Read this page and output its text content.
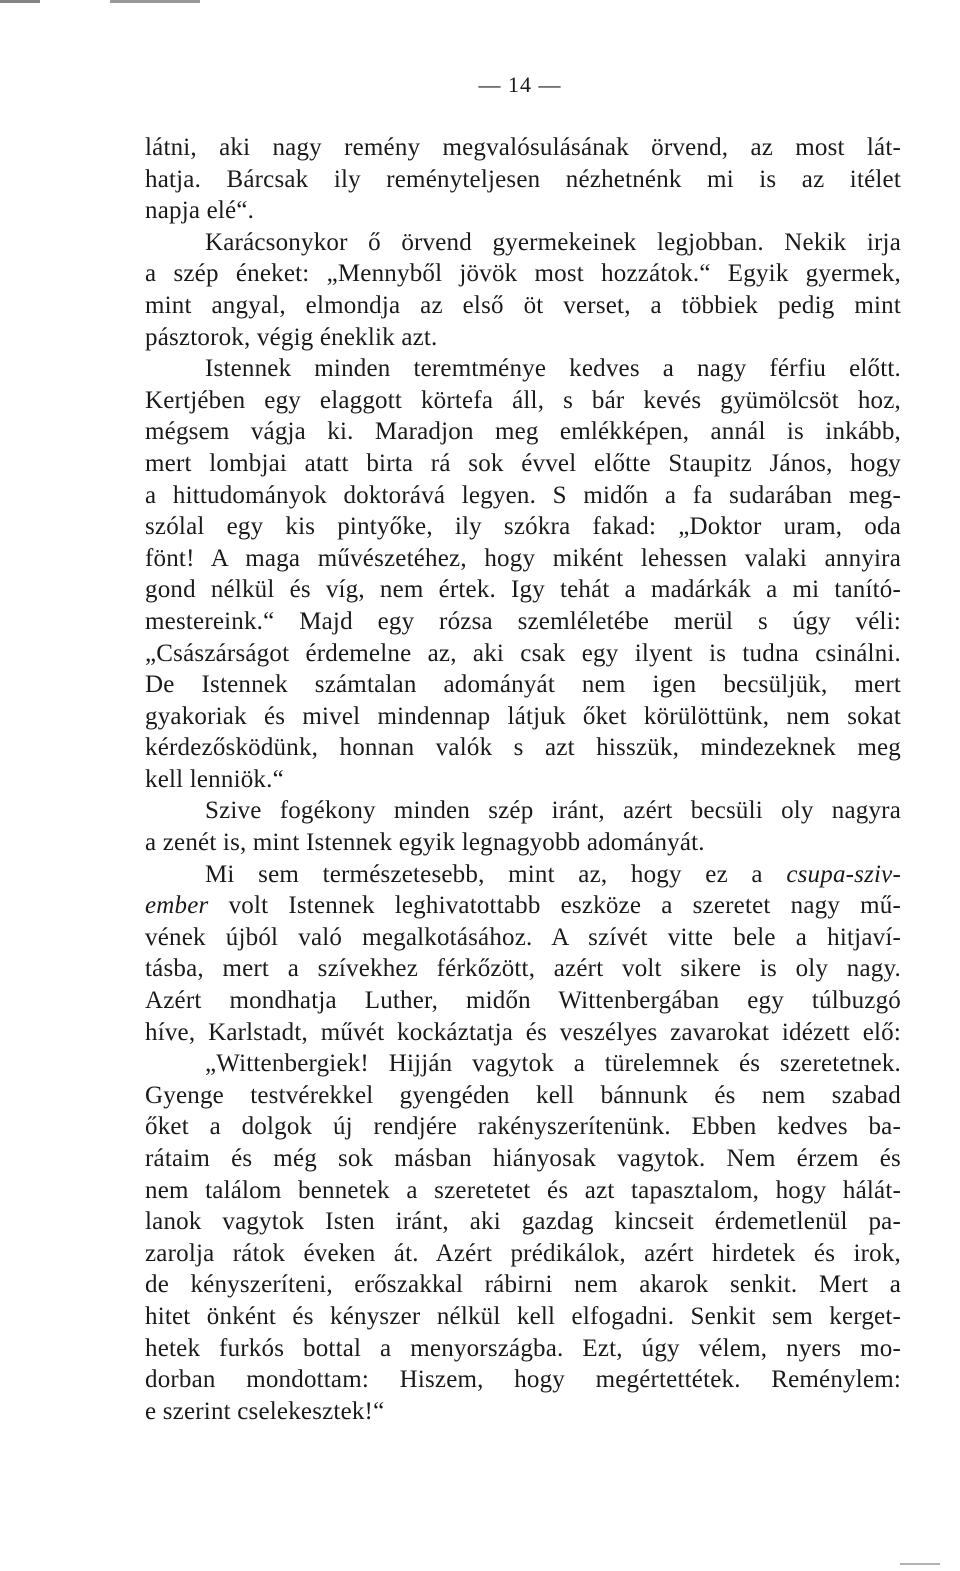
— 14 —
látni, aki nagy remény megvalósulásának örvend, az most lát-
hatja. Bárcsak ily reményteljesen nézhetnénk mi is az itélet
napja elé“.
Karácsonykor ő örvend gyermekeinek legjobban. Nekik irja
a szép éneket: „Mennyből jövök most hozzátok.“ Egyik gyermek,
mint angyal, elmondja az első öt verset, a többiek pedig mint
pásztorok, végig éneklik azt.
Istennek minden teremtménye kedves a nagy férfiu előtt.
Kertjében egy elaggott körtefa áll, s bár kevés gyümölcsöt hoz,
mégsem vágja ki. Maradjon meg emlékképen, annál is inkább,
mert lombjai atatt birta rá sok évvel előtte Staupitz János, hogy
a hittudományok doktorává legyen. S midőn a fa sudarában meg-
szólal egy kis pintyőke, ily szókra fakad: „Doktor uram, oda
fönt! A maga művészetéhez, hogy miként lehessen valaki annyira
gond nélkül és víg, nem értek. Igy tehát a madárkák a mi tanító-
mestereink.“ Majd egy rózsa szemléletébe merül s úgy véli:
„Császárságot érdemelne az, aki csak egy ilyent is tudna csinálni.
De Istennek számtalan adományát nem igen becsüljük, mert
gyakoriak és mivel mindennap látjuk őket körülöttünk, nem sokat
kérdezősködünk, honnan valók s azt hisszük, mindezeknek meg
kell lenniök.“
Szive fogékony minden szép iránt, azért becsüli oly nagyra
a zenét is, mint Istennek egyik legnagyobb adományát.
Mi sem természetesebb, mint az, hogy ez a csupa-sziv-
ember volt Istennek leghivatottabb eszköze a szeretet nagy mű-
vének újból való megalkotásához. A szívét vitte bele a hitjaví-
tásba, mert a szívekhez férkőzött, azért volt sikere is oly nagy.
Azért mondhatja Luther, midőn Wittenbergában egy túlbuzgó
híve, Karlstadt, művét kockáztatja és veszélyes zavarokat idézett elő:
„Wittenbergiek! Hijján vagytok a türelemnek és szeretetnek.
Gyenge testvérekkel gyengéden kell bánnunk és nem szabad
őket a dolgok új rendjére rakényszerítenünk. Ebben kedves ba-
rátaim és még sok másban hiányosak vagytok. Nem érzem és
nem találom bennetek a szeretetet és azt tapasztalom, hogy hálát-
lanok vagytok Isten iránt, aki gazdag kincseit érdemetlenül pa-
zarolja rátok éveken át. Azért prédikálok, azért hirdetek és irok,
de kényszeríteni, erőszakkal rábirni nem akarok senkit. Mert a
hitet önként és kényszer nélkül kell elfogadni. Senkit sem kerget-
hetek furkós bottal a menyországba. Ezt, úgy vélem, nyers mo-
dorban mondottam: Hiszem, hogy megértettétek. Reménylem:
e szerint cselekesztek!“
